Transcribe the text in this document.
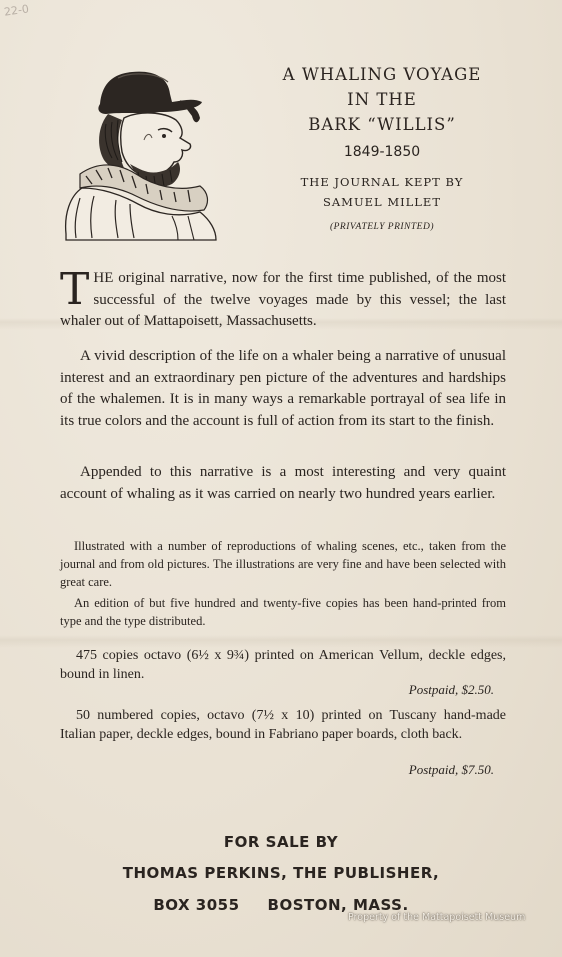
22-0
A WHALING VOYAGE
IN THE
BARK “WILLIS”
1849-1850
THE JOURNAL KEPT BY
SAMUEL MILLET
(PRIVATELY PRINTED)
THE original narrative, now for the first time published, of the most successful of the twelve voyages made by this vessel; the last whaler out of Mattapoisett, Massachusetts.
A vivid description of the life on a whaler being a narrative of unusual interest and an extraordinary pen picture of the adventures and hardships of the whalemen. It is in many ways a remarkable portrayal of sea life in its true colors and the account is full of action from its start to the finish.
Appended to this narrative is a most interesting and very quaint account of whaling as it was carried on nearly two hundred years earlier.
Illustrated with a number of reproductions of whaling scenes, etc., taken from the journal and from old pictures. The illustrations are very fine and have been selected with great care.
An edition of but five hundred and twenty-five copies has been hand-printed from type and the type distributed.
475 copies octavo (6½ x 9¾) printed on American Vellum, deckle edges, bound in linen.
Postpaid, $2.50.
50 numbered copies, octavo (7½ x 10) printed on Tuscany hand-made Italian paper, deckle edges, bound in Fabriano paper boards, cloth back.
Postpaid, $7.50.
FOR SALE BY
THOMAS PERKINS, THE PUBLISHER,
BOX 3055 BOSTON, MASS.
Property of the Mattapoisett Museum
